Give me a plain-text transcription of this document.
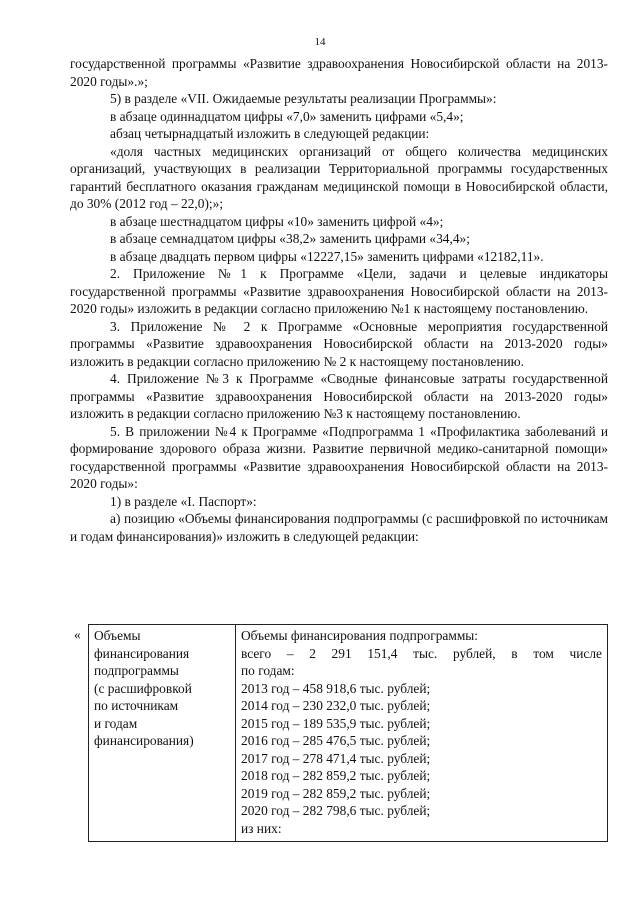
14

государственной программы «Развитие здравоохранения Новосибирской области на 2013-2020 годы».»;

5) в разделе «VII. Ожидаемые результаты реализации Программы»:

в абзаце одиннадцатом цифры «7,0» заменить цифрами «5,4»;

абзац четырнадцатый изложить в следующей редакции:

«доля частных медицинских организаций от общего количества медицинских организаций, участвующих в реализации Территориальной программы государственных гарантий бесплатного оказания гражданам медицинской помощи в Новосибирской области, до 30% (2012 год – 22,0);»;

в абзаце шестнадцатом цифры «10» заменить цифрой «4»;

в абзаце семнадцатом цифры «38,2» заменить цифрами «34,4»;

в абзаце двадцать первом цифры «12227,15» заменить цифрами «12182,11».

2. Приложение №1 к Программе «Цели, задачи и целевые индикаторы государственной программы «Развитие здравоохранения Новосибирской области на 2013-2020 годы» изложить в редакции согласно приложению №1 к настоящему постановлению.

3. Приложение № 2 к Программе «Основные мероприятия государственной программы «Развитие здравоохранения Новосибирской области на 2013-2020 годы» изложить в редакции согласно приложению № 2 к настоящему постановлению.

4. Приложение №3 к Программе «Сводные финансовые затраты государственной программы «Развитие здравоохранения Новосибирской области на 2013-2020 годы» изложить в редакции согласно приложению №3 к настоящему постановлению.

5. В приложении №4 к Программе «Подпрограмма 1 «Профилактика заболеваний и формирование здорового образа жизни. Развитие первичной медико-санитарной помощи» государственной программы «Развитие здравоохранения Новосибирской области на 2013-2020 годы»:

1) в разделе «I. Паспорт»:

а) позицию «Объемы финансирования подпрограммы (с расшифровкой по источникам и годам финансирования)» изложить в следующей редакции:

« Объемы
финансирования
подпрограммы
(с расшифровкой
по источникам
и годам
финансирования)

Объемы финансирования подпрограммы:
всего – 2 291 151,4 тыс. рублей, в том числе
по годам:
2013 год – 458 918,6 тыс. рублей;
2014 год – 230 232,0 тыс. рублей;
2015 год – 189 535,9 тыс. рублей;
2016 год – 285 476,5 тыс. рублей;
2017 год – 278 471,4 тыс. рублей;
2018 год – 282 859,2 тыс. рублей;
2019 год – 282 859,2 тыс. рублей;
2020 год – 282 798,6 тыс. рублей;
из них:
